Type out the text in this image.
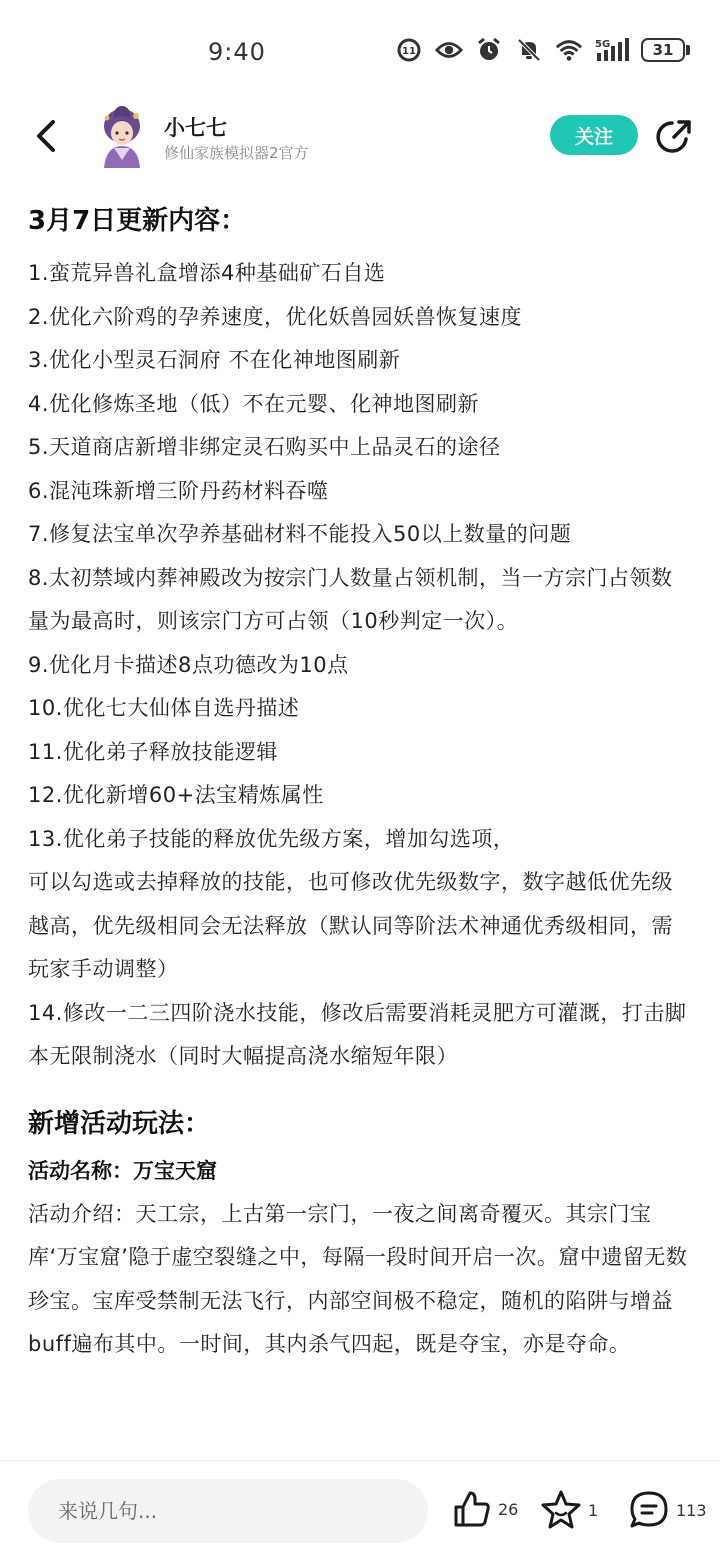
9:40	11
5G	31
小七七
修仙家族模拟器2官方
关注
3月7日更新内容：
1.蛮荒异兽礼盒增添4种基础矿石自选
2.优化六阶鸡的孕养速度，优化妖兽园妖兽恢复速度
3.优化小型灵石洞府 不在化神地图刷新
4.优化修炼圣地（低）不在元婴、化神地图刷新
5.天道商店新增非绑定灵石购买中上品灵石的途径
6.混沌珠新增三阶丹药材料吞噬
7.修复法宝单次孕养基础材料不能投入50以上数量的问题
8.太初禁域内葬神殿改为按宗门人数量占领机制，当一方宗门占领数量为最高时，则该宗门方可占领（10秒判定一次）。
9.优化月卡描述8点功德改为10点
10.优化七大仙体自选丹描述
11.优化弟子释放技能逻辑
12.优化新增60+法宝精炼属性
13.优化弟子技能的释放优先级方案，增加勾选项，
可以勾选或去掉释放的技能，也可修改优先级数字，数字越低优先级越高，优先级相同会无法释放（默认同等阶法术神通优秀级相同，需玩家手动调整）
14.修改一二三四阶浇水技能，修改后需要消耗灵肥方可灌溉，打击脚本无限制浇水（同时大幅提高浇水缩短年限）
新增活动玩法：
活动名称：万宝天窟
活动介绍：天工宗，上古第一宗门，一夜之间离奇覆灭。其宗门宝库‘万宝窟’隐于虚空裂缝之中，每隔一段时间开启一次。窟中遗留无数珍宝。宝库受禁制无法飞行，内部空间极不稳定，随机的陷阱与增益buff遍布其中。一时间，其内杀气四起，既是夺宝，亦是夺命。
来说几句...
26	1	113
